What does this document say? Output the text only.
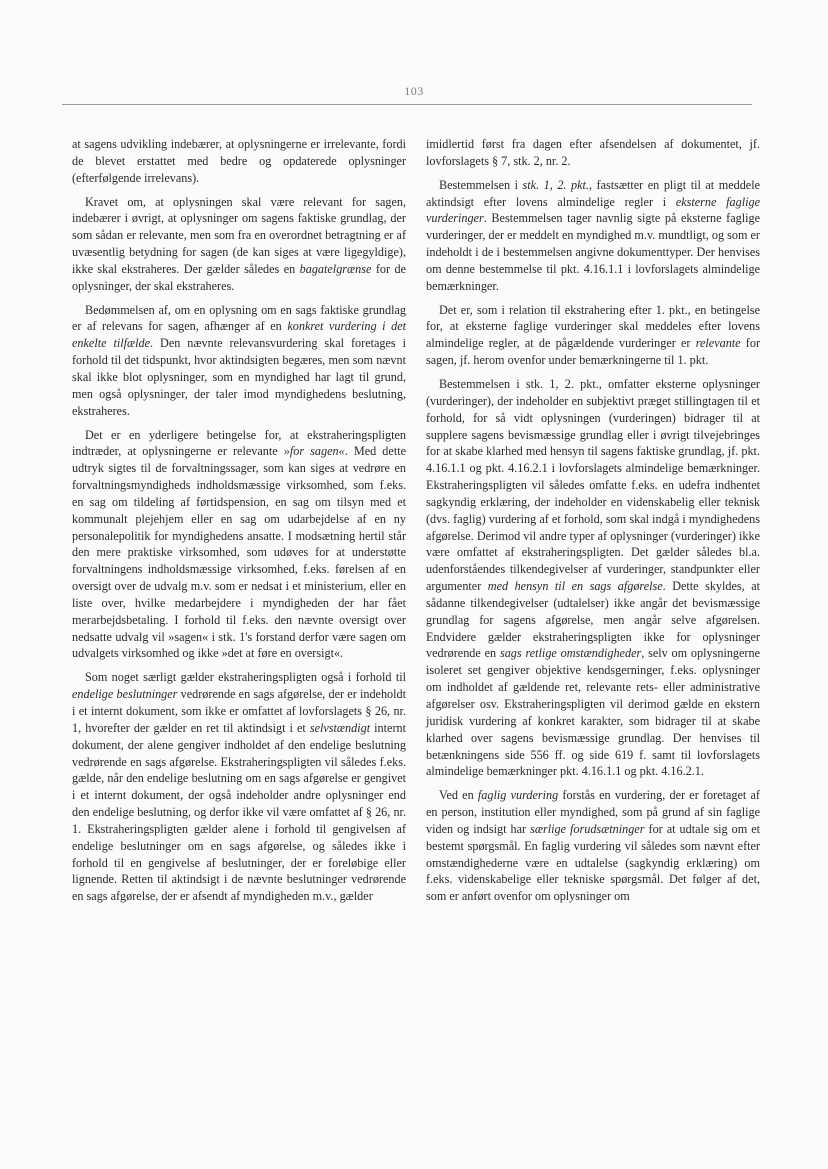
103

at sagens udvikling indebærer, at oplysningerne er irrelevante, fordi de blevet erstattet med bedre og opdaterede oplysninger (efterfølgende irrelevans).

Kravet om, at oplysningen skal være relevant for sagen, indebærer i øvrigt, at oplysninger om sagens faktiske grundlag, der som sådan er relevante, men som fra en overordnet betragtning er af uvæsentlig betydning for sagen (de kan siges at være ligegyldige), ikke skal ekstraheres. Der gælder således en bagatelgrænse for de oplysninger, der skal ekstraheres.

Bedømmelsen af, om en oplysning om en sags faktiske grundlag er af relevans for sagen, afhænger af en konkret vurdering i det enkelte tilfælde. Den nævnte relevansvurdering skal foretages i forhold til det tidspunkt, hvor aktindsigten begæres, men som nævnt skal ikke blot oplysninger, som en myndighed har lagt til grund, men også oplysninger, der taler imod myndighedens beslutning, ekstraheres.

Det er en yderligere betingelse for, at ekstraheringspligten indtræder, at oplysningerne er relevante »for sagen«. Med dette udtryk sigtes til de forvaltningssager, som kan siges at vedrøre en forvaltningsmyndigheds indholdsmæssige virksomhed, som f.eks. en sag om tildeling af førtidspension, en sag om tilsyn med et kommunalt plejehjem eller en sag om udarbejdelse af en ny personalepolitik for myndighedens ansatte. I modsætning hertil står den mere praktiske virksomhed, som udøves for at understøtte forvaltningens indholdsmæssige virksomhed, f.eks. førelsen af en oversigt over de udvalg m.v. som er nedsat i et ministerium, eller en liste over, hvilke medarbejdere i myndigheden der har fået merarbejdsbetaling. I forhold til f.eks. den nævnte oversigt over nedsatte udvalg vil »sagen« i stk. 1's forstand derfor være sagen om udvalgets virksomhed og ikke »det at føre en oversigt«.

Som noget særligt gælder ekstraheringspligten også i forhold til endelige beslutninger vedrørende en sags afgørelse, der er indeholdt i et internt dokument, som ikke er omfattet af lovforslagets § 26, nr. 1, hvorefter der gælder en ret til aktindsigt i et selvstændigt internt dokument, der alene gengiver indholdet af den endelige beslutning vedrørende en sags afgørelse. Ekstraheringspligten vil således f.eks. gælde, når den endelige beslutning om en sags afgørelse er gengivet i et internt dokument, der også indeholder andre oplysninger end den endelige beslutning, og derfor ikke vil være omfattet af § 26, nr. 1. Ekstraheringspligten gælder alene i forhold til gengivelsen af endelige beslutninger om en sags afgørelse, og således ikke i forhold til en gengivelse af beslutninger, der er foreløbige eller lignende. Retten til aktindsigt i de nævnte beslutninger vedrørende en sags afgørelse, der er afsendt af myndigheden m.v., gælder

imidlertid først fra dagen efter afsendelsen af dokumentet, jf. lovforslagets § 7, stk. 2, nr. 2.

Bestemmelsen i stk. 1, 2. pkt., fastsætter en pligt til at meddele aktindsigt efter lovens almindelige regler i eksterne faglige vurderinger. Bestemmelsen tager navnlig sigte på eksterne faglige vurderinger, der er meddelt en myndighed m.v. mundtligt, og som er indeholdt i de i bestemmelsen angivne dokumenttyper. Der henvises om denne bestemmelse til pkt. 4.16.1.1 i lovforslagets almindelige bemærkninger.

Det er, som i relation til ekstrahering efter 1. pkt., en betingelse for, at eksterne faglige vurderinger skal meddeles efter lovens almindelige regler, at de pågældende vurderinger er relevante for sagen, jf. herom ovenfor under bemærkningerne til 1. pkt.

Bestemmelsen i stk. 1, 2. pkt., omfatter eksterne oplysninger (vurderinger), der indeholder en subjektivt præget stillingtagen til et forhold, for så vidt oplysningen (vurderingen) bidrager til at supplere sagens bevismæssige grundlag eller i øvrigt tilvejebringes for at skabe klarhed med hensyn til sagens faktiske grundlag, jf. pkt. 4.16.1.1 og pkt. 4.16.2.1 i lovforslagets almindelige bemærkninger. Ekstraheringspligten vil således omfatte f.eks. en udefra indhentet sagkyndig erklæring, der indeholder en videnskabelig eller teknisk (dvs. faglig) vurdering af et forhold, som skal indgå i myndighedens afgørelse. Derimod vil andre typer af oplysninger (vurderinger) ikke være omfattet af ekstraheringspligten. Det gælder således bl.a. udenforståendes tilkendegivelser af vurderinger, standpunkter eller argumenter med hensyn til en sags afgørelse. Dette skyldes, at sådanne tilkendegivelser (udtalelser) ikke angår det bevismæssige grundlag for sagens afgørelse, men angår selve afgørelsen. Endvidere gælder ekstraheringspligten ikke for oplysninger vedrørende en sags retlige omstændigheder, selv om oplysningerne isoleret set gengiver objektive kendsgerninger, f.eks. oplysninger om indholdet af gældende ret, relevante rets- eller administrative afgørelser osv. Ekstraheringspligten vil derimod gælde en ekstern juridisk vurdering af konkret karakter, som bidrager til at skabe klarhed over sagens bevismæssige grundlag. Der henvises til betænkningens side 556 ff. og side 619 f. samt til lovforslagets almindelige bemærkninger pkt. 4.16.1.1 og pkt. 4.16.2.1.

Ved en faglig vurdering forstås en vurdering, der er foretaget af en person, institution eller myndighed, som på grund af sin faglige viden og indsigt har særlige forudsætninger for at udtale sig om et bestemt spørgsmål. En faglig vurdering vil således som nævnt efter omstændighederne være en udtalelse (sagkyndig erklæring) om f.eks. videnskabelige eller tekniske spørgsmål. Det følger af det, som er anført ovenfor om oplysninger om
